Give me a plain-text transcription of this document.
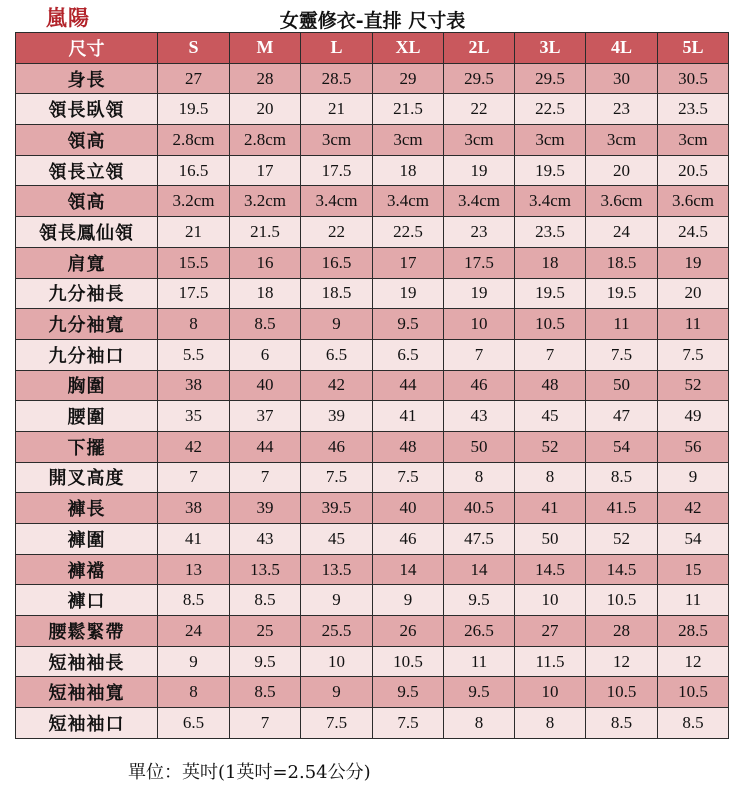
嵐陽	女靈修衣-直排 尺寸表
尺寸	S	M	L	XL	2L	3L	4L	5L
身長	27	28	28.5	29	29.5	29.5	30	30.5
領長臥領	19.5	20	21	21.5	22	22.5	23	23.5
領高	2.8cm	2.8cm	3cm	3cm	3cm	3cm	3cm	3cm
領長立領	16.5	17	17.5	18	19	19.5	20	20.5
領高	3.2cm	3.2cm	3.4cm	3.4cm	3.4cm	3.4cm	3.6cm	3.6cm
領長鳳仙領	21	21.5	22	22.5	23	23.5	24	24.5
肩寬	15.5	16	16.5	17	17.5	18	18.5	19
九分袖長	17.5	18	18.5	19	19	19.5	19.5	20
九分袖寬	8	8.5	9	9.5	10	10.5	11	11
九分袖口	5.5	6	6.5	6.5	7	7	7.5	7.5
胸圍	38	40	42	44	46	48	50	52
腰圍	35	37	39	41	43	45	47	49
下擺	42	44	46	48	50	52	54	56
開叉高度	7	7	7.5	7.5	8	8	8.5	9
褲長	38	39	39.5	40	40.5	41	41.5	42
褲圍	41	43	45	46	47.5	50	52	54
褲襠	13	13.5	13.5	14	14	14.5	14.5	15
褲口	8.5	8.5	9	9	9.5	10	10.5	11
腰鬆緊帶	24	25	25.5	26	26.5	27	28	28.5
短袖袖長	9	9.5	10	10.5	11	11.5	12	12
短袖袖寬	8	8.5	9	9.5	9.5	10	10.5	10.5
短袖袖口	6.5	7	7.5	7.5	8	8	8.5	8.5
單位：英吋(1英吋=2.54公分)
